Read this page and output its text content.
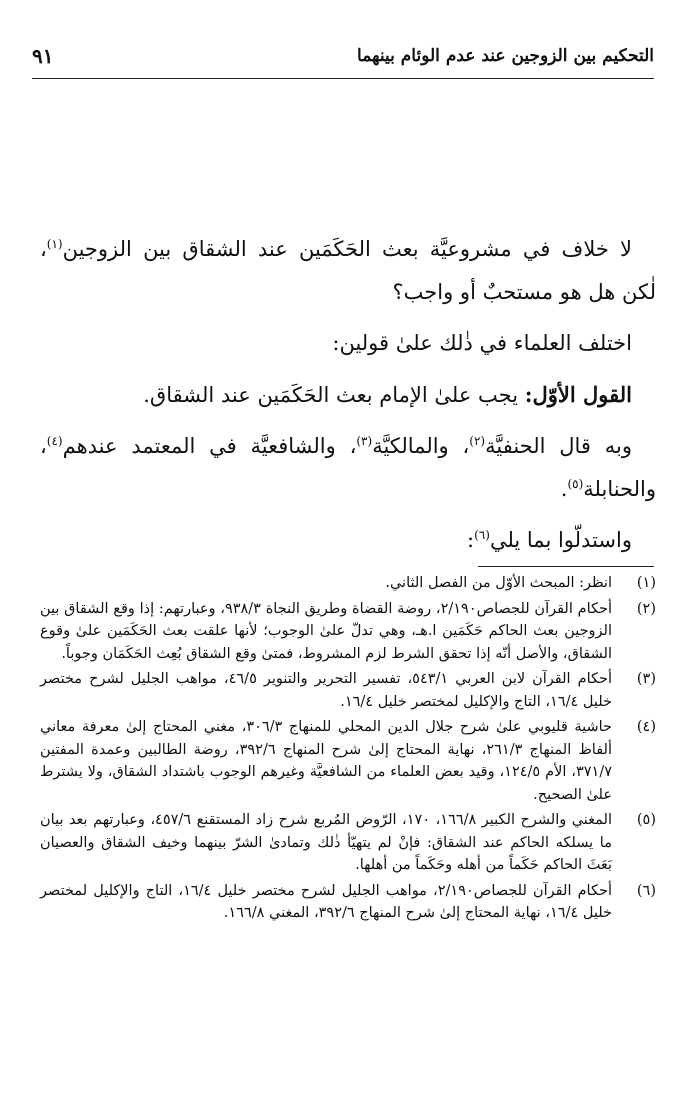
التحكيم بين الزوجين عند عدم الوئام بينهما
٩١

لا خلاف في مشروعيَّة بعث الحَكَمَين عند الشقاق بين الزوجين$^{(١)}$، لٰكن هل هو مستحبٌ أو واجب؟

اختلف العلماء في ذٰلك علىٰ قولين:

القول الأوّل: يجب علىٰ الإمام بعث الحَكَمَين عند الشقاق.

وبه قال الحنفيَّة$^{(٢)}$، والمالكيَّة$^{(٣)}$، والشافعيَّة في المعتمد عندهم$^{(٤)}$، والحنابلة$^{(٥)}$.

واستدلّوا بما يلي$^{(٦)}$:

(١)
انظر: المبحث الأوّل من الفصل الثاني.
(٢)
أحكام القرآن للجصاص٢/١٩٠، روضة القضاة وطريق النجاة ٩٣٨/٣، وعبارتهم: إذا وقع الشقاق بين الزوجين بعث الحاكم حَكَمَين ا.هـ، وهي تدلّ علىٰ الوجوب؛ لأنها علقت بعث الحَكَمَين علىٰ وقوع الشقاق، والأصل أنّه إذا تحقق الشرط لزم المشروط، فمتىٰ وقع الشقاق بُعِث الحَكَمَان وجوباً.
(٣)
أحكام القرآن لابن العربي ٥٤٣/١، تفسير التحرير والتنوير ٤٦/٥، مواهب الجليل لشرح مختصر خليل ١٦/٤، التاج والإكليل لمختصر خليل ١٦/٤.
(٤)
حاشية قليوبي علىٰ شرح جلال الدين المحلي للمنهاج ٣٠٦/٣، مغني المحتاج إلىٰ معرفة معاني ألفاظ المنهاج ٢٦١/٣، نهاية المحتاج إلىٰ شرح المنهاج ٣٩٢/٦، روضة الطالبين وعمدة المفتين ٣٧١/٧، الأم ١٢٤/٥، وقيد بعض العلماء من الشافعيَّة وغيرهم الوجوب باشتداد الشقاق، ولا يشترط علىٰ الصحيح.
(٥)
المغني والشرح الكبير ١٦٦/٨، ١٧٠، الرّوض المُربع شرح زاد المستقنع ٤٥٧/٦، وعبارتهم بعد بيان ما يسلكه الحاكم عند الشقاق: فإنْ لم يتهيّأ ذٰلك وتمادىٰ الشرّ بينهما وخيف الشقاق والعصيان بَعَثَ الحاكم حَكَماً من أهله وحَكَماً من أهلها.
(٦)
أحكام القرآن للجصاص٢/١٩٠، مواهب الجليل لشرح مختصر خليل ١٦/٤، التاج والإكليل لمختصر خليل ١٦/٤، نهاية المحتاج إلىٰ شرح المنهاج ٣٩٢/٦، المغني ١٦٦/٨.
